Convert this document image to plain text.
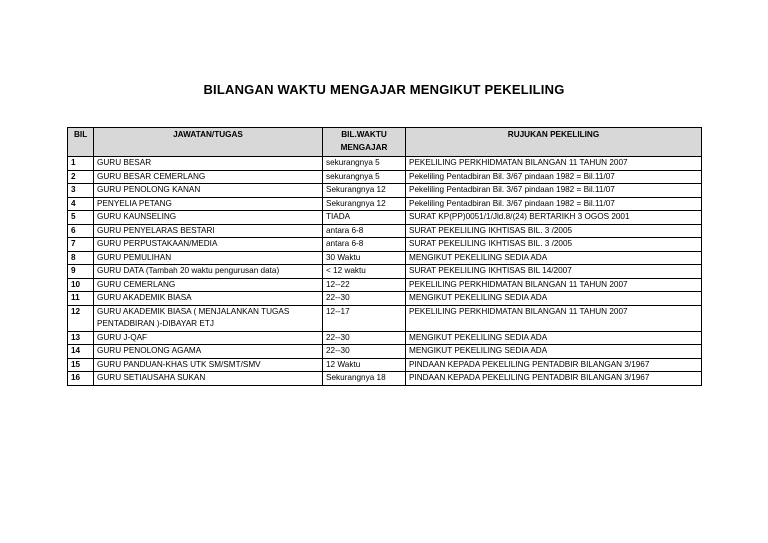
BILANGAN WAKTU MENGAJAR MENGIKUT PEKELILING
BIL	JAWATAN/TUGAS	BIL.WAKTU MENGAJAR	RUJUKAN PEKELILING
1	GURU BESAR	sekurangnya 5	PEKELILING PERKHIDMATAN BILANGAN 11 TAHUN 2007
2	GURU BESAR CEMERLANG	sekurangnya 5	Pekeliling Pentadbiran Bil. 3/67 pindaan 1982 = Bil.11/07
3	GURU PENOLONG KANAN	Sekurangnya 12	Pekeliling Pentadbiran Bil. 3/67 pindaan 1982 = Bil.11/07
4	PENYELIA PETANG	Sekurangnya 12	Pekeliling Pentadbiran Bil. 3/67 pindaan 1982 = Bil.11/07
5	GURU KAUNSELING	TIADA	SURAT KP(PP)0051/1/Jld.8/(24) BERTARIKH 3 OGOS 2001
6	GURU PENYELARAS BESTARI	antara 6-8	SURAT PEKELILING IKHTISAS BIL. 3 /2005
7	GURU PERPUSTAKAAN/MEDIA	antara 6-8	SURAT PEKELILING IKHTISAS BIL. 3 /2005
8	GURU PEMULIHAN	30 Waktu	MENGIKUT PEKELILING SEDIA ADA
9	GURU DATA (Tambah 20 waktu pengurusan data)	< 12 waktu	SURAT PEKELILING IKHTISAS BIL 14/2007
10	GURU CEMERLANG	12--22	PEKELILING PERKHIDMATAN BILANGAN 11 TAHUN 2007
11	GURU AKADEMIK BIASA	22--30	MENGIKUT PEKELILING SEDIA ADA
12	GURU AKADEMIK BIASA ( MENJALANKAN TUGAS PENTADBIRAN )-DIBAYAR ETJ	12--17	PEKELILING PERKHIDMATAN BILANGAN 11 TAHUN 2007
13	GURU J-QAF	22--30	MENGIKUT PEKELILING SEDIA ADA
14	GURU PENOLONG AGAMA	22--30	MENGIKUT PEKELILING SEDIA ADA
15	GURU PANDUAN-KHAS UTK SM/SMT/SMV	12 Waktu	PINDAAN KEPADA PEKELILING PENTADBIR BILANGAN 3/1967
16	GURU SETIAUSAHA SUKAN	Sekurangnya 18	PINDAAN KEPADA PEKELILING PENTADBIR BILANGAN 3/1967
